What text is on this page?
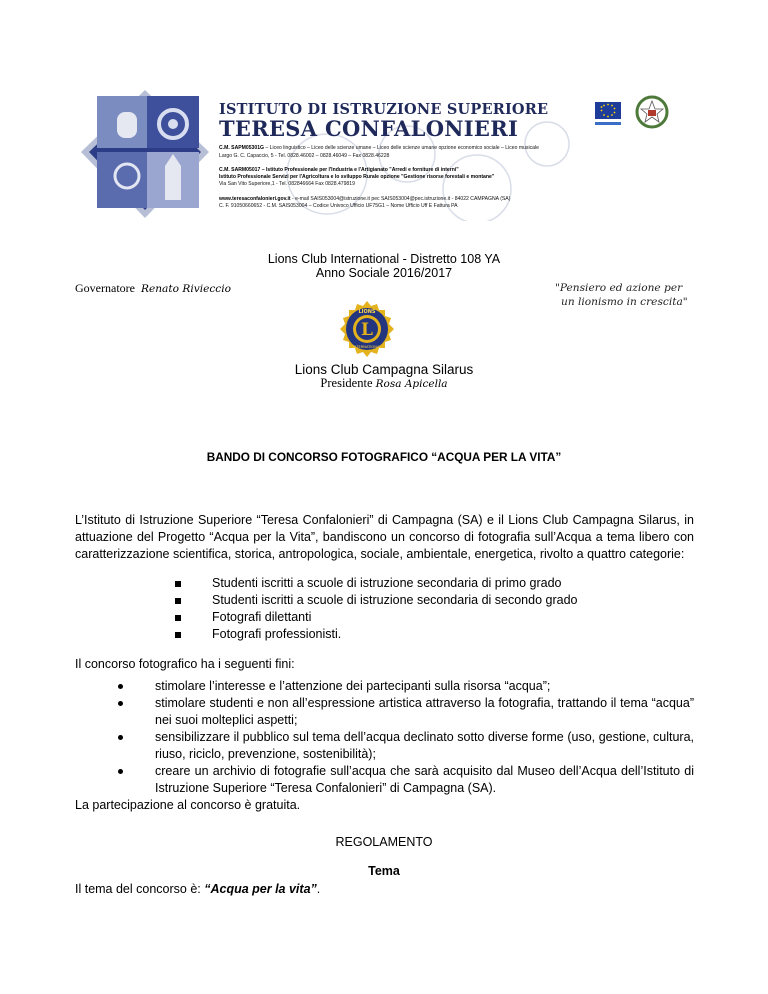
ISTITUTO DI ISTRUZIONE SUPERIORE
TERESA CONFALONIERI
C.M. SAPM05301G – Liceo linguistico – Liceo delle scienze umane – Liceo delle scienze umane opzione economico sociale – Liceo musicale
Largo G. C. Capaccio, 5 - Tel. 0828.46002 – 0828.46049 – Fax 0828.46228
C.M. SARM05017 – Istituto Professionale per l'Industria e l'Artigianato "Arredi e forniture di interni"
Istituto Professionale Servizi per l'Agricoltura e lo sviluppo Rurale opzione "Gestione risorse forestali e montane"
Via San Vito Superiore,1 - Tel. 082846664 Fax 0828.479819
www.teresaconfalonieri.gov.it - e-mail SAIS053004@istruzione.it pec SAIS053004@pec.istruzione.it - 84022 CAMPAGNA (SA)
C. F. 91050660652 - C.M. SAIS053004 – Codice Univoco Ufficio UF75G1 – Nome Ufficio Uff E Fattura PA
Lions Club International - Distretto 108 YA
Anno Sociale 2016/2017
Governatore Renato Rivieccio	"Pensiero ed azione per
un lionismo in crescita"
L
LIONS
INTERNATIONAL
Lions Club Campagna Silarus
Presidente Rosa Apicella
BANDO DI CONCORSO FOTOGRAFICO “ACQUA PER LA VITA”
L’Istituto di Istruzione Superiore “Teresa Confalonieri” di Campagna (SA) e il Lions Club Campagna Silarus, in attuazione del Progetto “Acqua per la Vita”, bandiscono un concorso di fotografia sull’Acqua a tema libero con caratterizzazione scientifica, storica, antropologica, sociale, ambientale, energetica, rivolto a quattro categorie:
Studenti iscritti a scuole di istruzione secondaria di primo grado
Studenti iscritti a scuole di istruzione secondaria di secondo grado
Fotografi dilettanti
Fotografi professionisti.
Il concorso fotografico ha i seguenti fini:
stimolare l’interesse e l’attenzione dei partecipanti sulla risorsa “acqua”;
stimolare studenti e non all’espressione artistica attraverso la fotografia, trattando il tema “acqua” nei suoi molteplici aspetti;
sensibilizzare il pubblico sul tema dell’acqua declinato sotto diverse forme (uso, gestione, cultura, riuso, riciclo, prevenzione, sostenibilità);
creare un archivio di fotografie sull’acqua che sarà acquisito dal Museo dell’Acqua dell’Istituto di Istruzione Superiore “Teresa Confalonieri” di Campagna (SA).
La partecipazione al concorso è gratuita.
REGOLAMENTO
Tema
Il tema del concorso è: “Acqua per la vita”.
